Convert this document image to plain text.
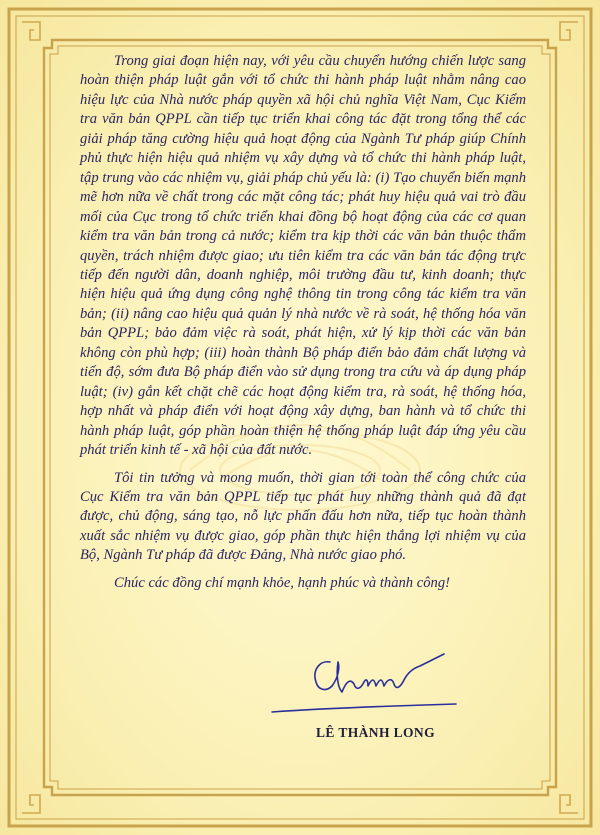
Trong giai đoạn hiện nay, với yêu cầu chuyển hướng chiến lược sang hoàn thiện pháp luật gắn với tổ chức thi hành pháp luật nhằm nâng cao hiệu lực của Nhà nước pháp quyền xã hội chủ nghĩa Việt Nam, Cục Kiểm tra văn bản QPPL cần tiếp tục triển khai công tác đặt trong tổng thể các giải pháp tăng cường hiệu quả hoạt động của Ngành Tư pháp giúp Chính phủ thực hiện hiệu quả nhiệm vụ xây dựng và tổ chức thi hành pháp luật, tập trung vào các nhiệm vụ, giải pháp chủ yếu là: (i) Tạo chuyển biến mạnh mẽ hơn nữa về chất trong các mặt công tác; phát huy hiệu quả vai trò đầu mối của Cục trong tổ chức triển khai đồng bộ hoạt động của các cơ quan kiểm tra văn bản trong cả nước; kiểm tra kịp thời các văn bản thuộc thẩm quyền, trách nhiệm được giao; ưu tiên kiểm tra các văn bản tác động trực tiếp đến người dân, doanh nghiệp, môi trường đầu tư, kinh doanh; thực hiện hiệu quả ứng dụng công nghệ thông tin trong công tác kiểm tra văn bản; (ii) nâng cao hiệu quả quản lý nhà nước về rà soát, hệ thống hóa văn bản QPPL; bảo đảm việc rà soát, phát hiện, xử lý kịp thời các văn bản không còn phù hợp; (iii) hoàn thành Bộ pháp điển bảo đảm chất lượng và tiến độ, sớm đưa Bộ pháp điển vào sử dụng trong tra cứu và áp dụng pháp luật; (iv) gắn kết chặt chẽ các hoạt động kiểm tra, rà soát, hệ thống hóa, hợp nhất và pháp điển với hoạt động xây dựng, ban hành và tổ chức thi hành pháp luật, góp phần hoàn thiện hệ thống pháp luật đáp ứng yêu cầu phát triển kinh tế - xã hội của đất nước.

Tôi tin tưởng và mong muốn, thời gian tới toàn thể công chức của Cục Kiểm tra văn bản QPPL tiếp tục phát huy những thành quả đã đạt được, chủ động, sáng tạo, nỗ lực phấn đấu hơn nữa, tiếp tục hoàn thành xuất sắc nhiệm vụ được giao, góp phần thực hiện thắng lợi nhiệm vụ của Bộ, Ngành Tư pháp đã được Đảng, Nhà nước giao phó.

Chúc các đồng chí mạnh khỏe, hạnh phúc và thành công!

LÊ THÀNH LONG
